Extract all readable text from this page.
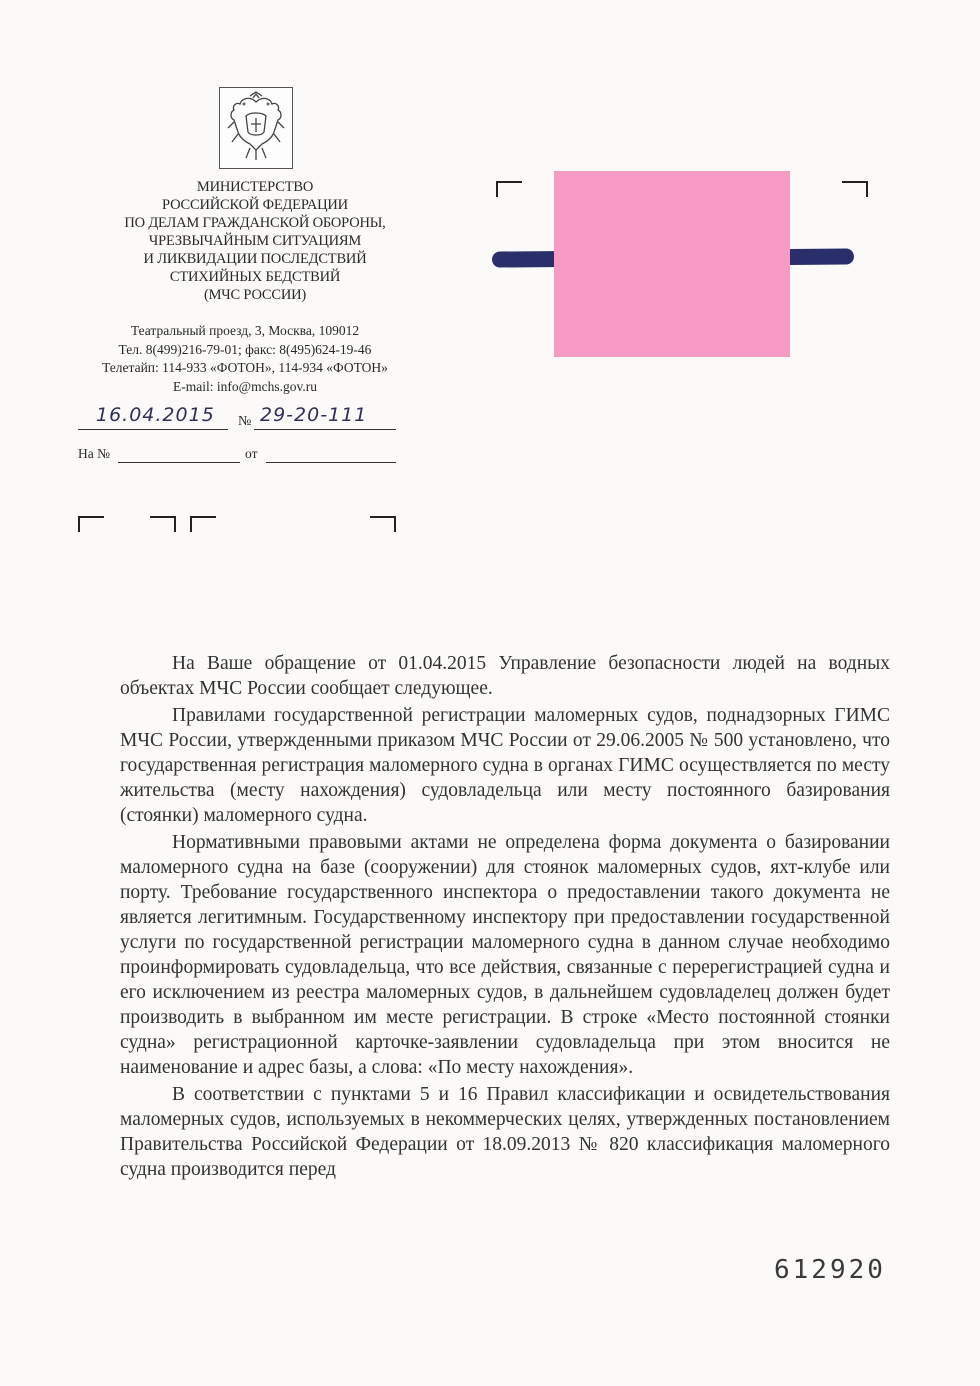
МИНИСТЕРСТВО
РОССИЙСКОЙ ФЕДЕРАЦИИ
ПО ДЕЛАМ ГРАЖДАНСКОЙ ОБОРОНЫ,
ЧРЕЗВЫЧАЙНЫМ СИТУАЦИЯМ
И ЛИКВИДАЦИИ ПОСЛЕДСТВИЙ
СТИХИЙНЫХ БЕДСТВИЙ
(МЧС РОССИИ)
Театральный проезд, 3, Москва, 109012
Тел. 8(499)216-79-01; факс: 8(495)624-19-46
Телетайп: 114-933 «ФОТОН», 114-934 «ФОТОН»
E-mail: info@mchs.gov.ru
16.04.2015 № 29-20-111
На №	от

На Ваше обращение от 01.04.2015 Управление безопасности людей на водных объектах МЧС России сообщает следующее.

Правилами государственной регистрации маломерных судов, поднадзорных ГИМС МЧС России, утвержденными приказом МЧС России от 29.06.2005 № 500 установлено, что государственная регистрация маломерного судна в органах ГИМС осуществляется по месту жительства (месту нахождения) судовладельца или месту постоянного базирования (стоянки) маломерного судна.

Нормативными правовыми актами не определена форма документа о базировании маломерного судна на базе (сооружении) для стоянок маломерных судов, яхт-клубе или порту. Требование государственного инспектора о предоставлении такого документа не является легитимным. Государственному инспектору при предоставлении государственной услуги по государственной регистрации маломерного судна в данном случае необходимо проинформировать судовладельца, что все действия, связанные с перерегистрацией судна и его исключением из реестра маломерных судов, в дальнейшем судовладелец должен будет производить в выбранном им месте регистрации. В строке «Место постоянной стоянки судна» регистрационной карточке-заявлении судовладельца при этом вносится не наименование и адрес базы, а слова: «По месту нахождения».

В соответствии с пунктами 5 и 16 Правил классификации и освидетельствования маломерных судов, используемых в некоммерческих целях, утвержденных постановлением Правительства Российской Федерации от 18.09.2013 № 820 классификация маломерного судна производится перед

612920
